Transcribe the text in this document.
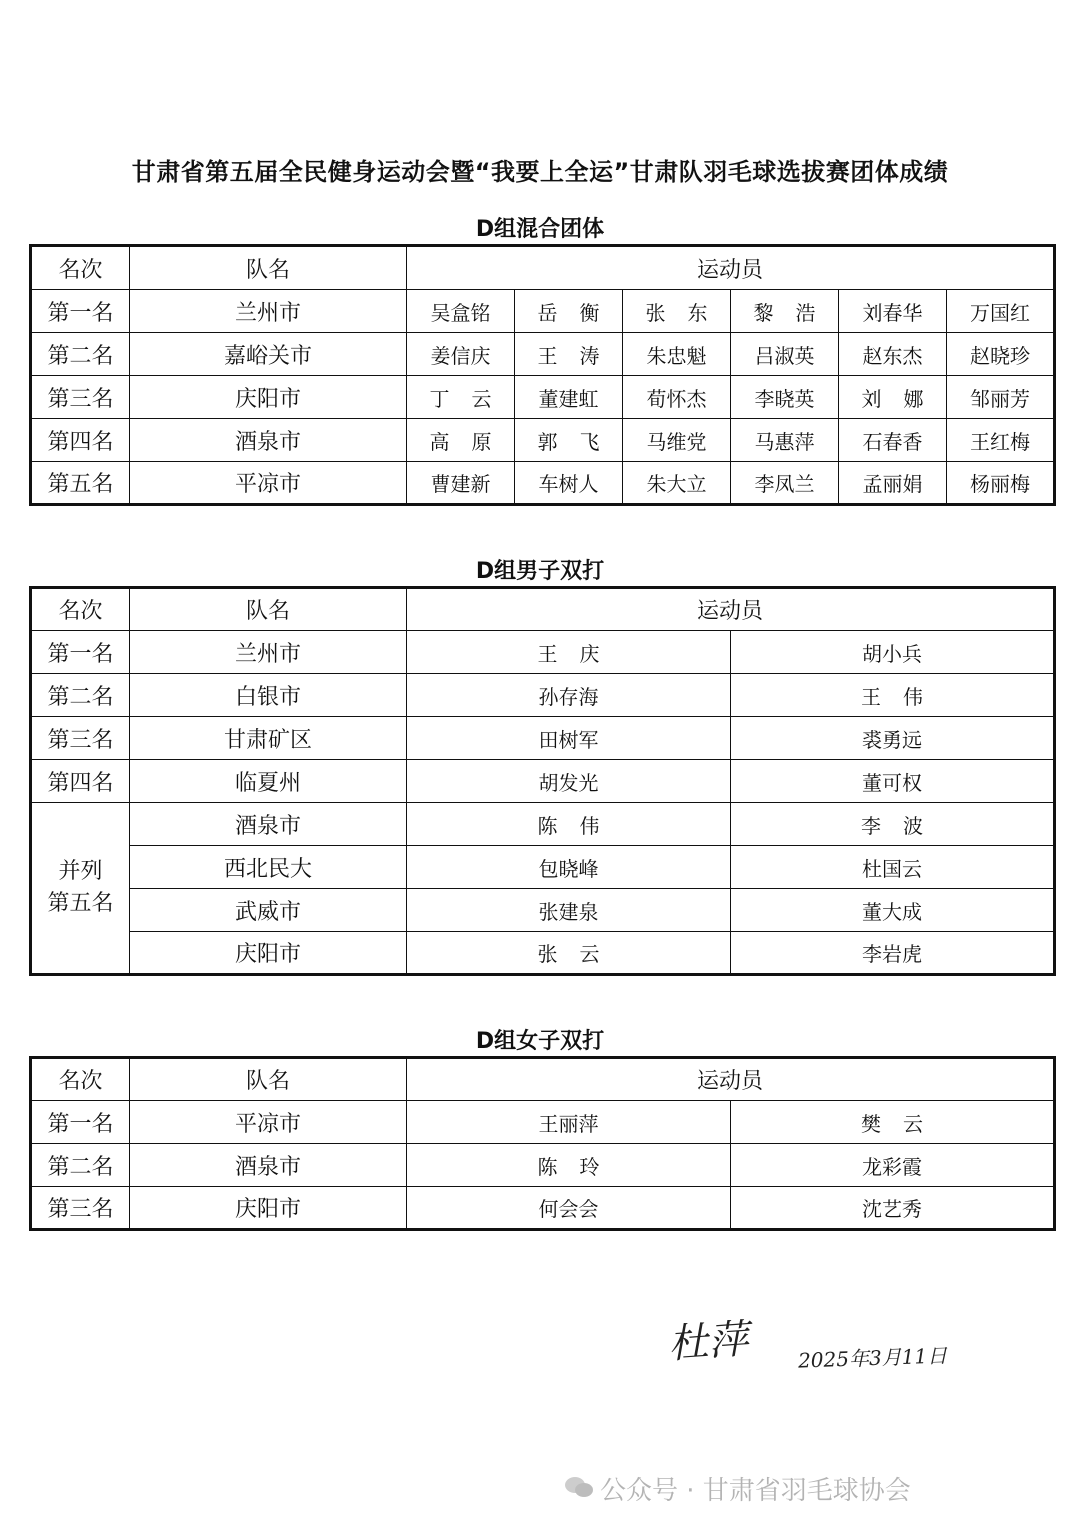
甘肃省第五届全民健身运动会暨“我要上全运”甘肃队羽毛球选拔赛团体成绩
D组混合团体
名次	队名	运动员					
第一名	兰州市	吴盒铭	岳衡	张东	黎浩	刘春华	万国红
第二名	嘉峪关市	姜信庆	王涛	朱忠魁	吕淑英	赵东杰	赵晓珍
第三名	庆阳市	丁云	董建虹	荀怀杰	李晓英	刘娜	邹丽芳
第四名	酒泉市	高原	郭飞	马维党	马惠萍	石春香	王红梅
第五名	平凉市	曹建新	车树人	朱大立	李凤兰	孟丽娟	杨丽梅
D组男子双打
名次	队名	运动员	
第一名	兰州市	王庆	胡小兵
第二名	白银市	孙存海	王伟
第三名	甘肃矿区	田树军	裘勇远
第四名	临夏州	胡发光	董可权

并列
第五名	酒泉市	陈伟	李波
	西北民大	包晓峰	杜国云
	武威市	张建泉	董大成
	庆阳市	张云	李岩虎
D组女子双打
名次	队名	运动员	
第一名	平凉市	王丽萍	樊云
第二名	酒泉市	陈玲	龙彩霞
第三名	庆阳市	何会会	沈艺秀
杜萍 2025年3月11日
公众号 · 甘肃省羽毛球协会
